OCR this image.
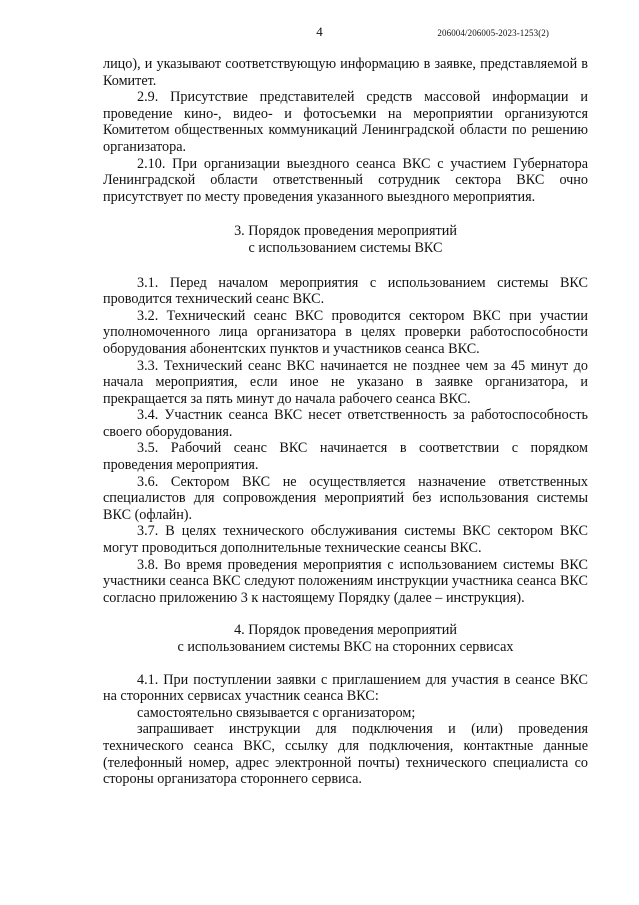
4	206004/206005-2023-1253(2)

лицо), и указывают соответствующую информацию в заявке, представляемой в Комитет.

2.9. Присутствие представителей средств массовой информации и проведение кино-, видео- и фотосъемки на мероприятии организуются Комитетом общественных коммуникаций Ленинградской области по решению организатора.

2.10. При организации выездного сеанса ВКС с участием Губернатора Ленинградской области ответственный сотрудник сектора ВКС очно присутствует по месту проведения указанного выездного мероприятия.

3. Порядок проведения мероприятий

с использованием системы ВКС

3.1. Перед началом мероприятия с использованием системы ВКС проводится технический сеанс ВКС.

3.2. Технический сеанс ВКС проводится сектором ВКС при участии уполномоченного лица организатора в целях проверки работоспособности оборудования абонентских пунктов и участников сеанса ВКС.

3.3. Технический сеанс ВКС начинается не позднее чем за 45 минут до начала мероприятия, если иное не указано в заявке организатора, и прекращается за пять минут до начала рабочего сеанса ВКС.

3.4. Участник сеанса ВКС несет ответственность за работоспособность своего оборудования.

3.5. Рабочий сеанс ВКС начинается в соответствии с порядком проведения мероприятия.

3.6. Сектором ВКС не осуществляется назначение ответственных специалистов для сопровождения мероприятий без использования системы ВКС (офлайн).

3.7. В целях технического обслуживания системы ВКС сектором ВКС могут проводиться дополнительные технические сеансы ВКС.

3.8. Во время проведения мероприятия с использованием системы ВКС участники сеанса ВКС следуют положениям инструкции участника сеанса ВКС согласно приложению 3 к настоящему Порядку (далее – инструкция).

4. Порядок проведения мероприятий

с использованием системы ВКС на сторонних сервисах

4.1. При поступлении заявки с приглашением для участия в сеансе ВКС на сторонних сервисах участник сеанса ВКС:

самостоятельно связывается с организатором;

запрашивает инструкции для подключения и (или) проведения технического сеанса ВКС, ссылку для подключения, контактные данные (телефонный номер, адрес электронной почты) технического специалиста со стороны организатора стороннего сервиса.
